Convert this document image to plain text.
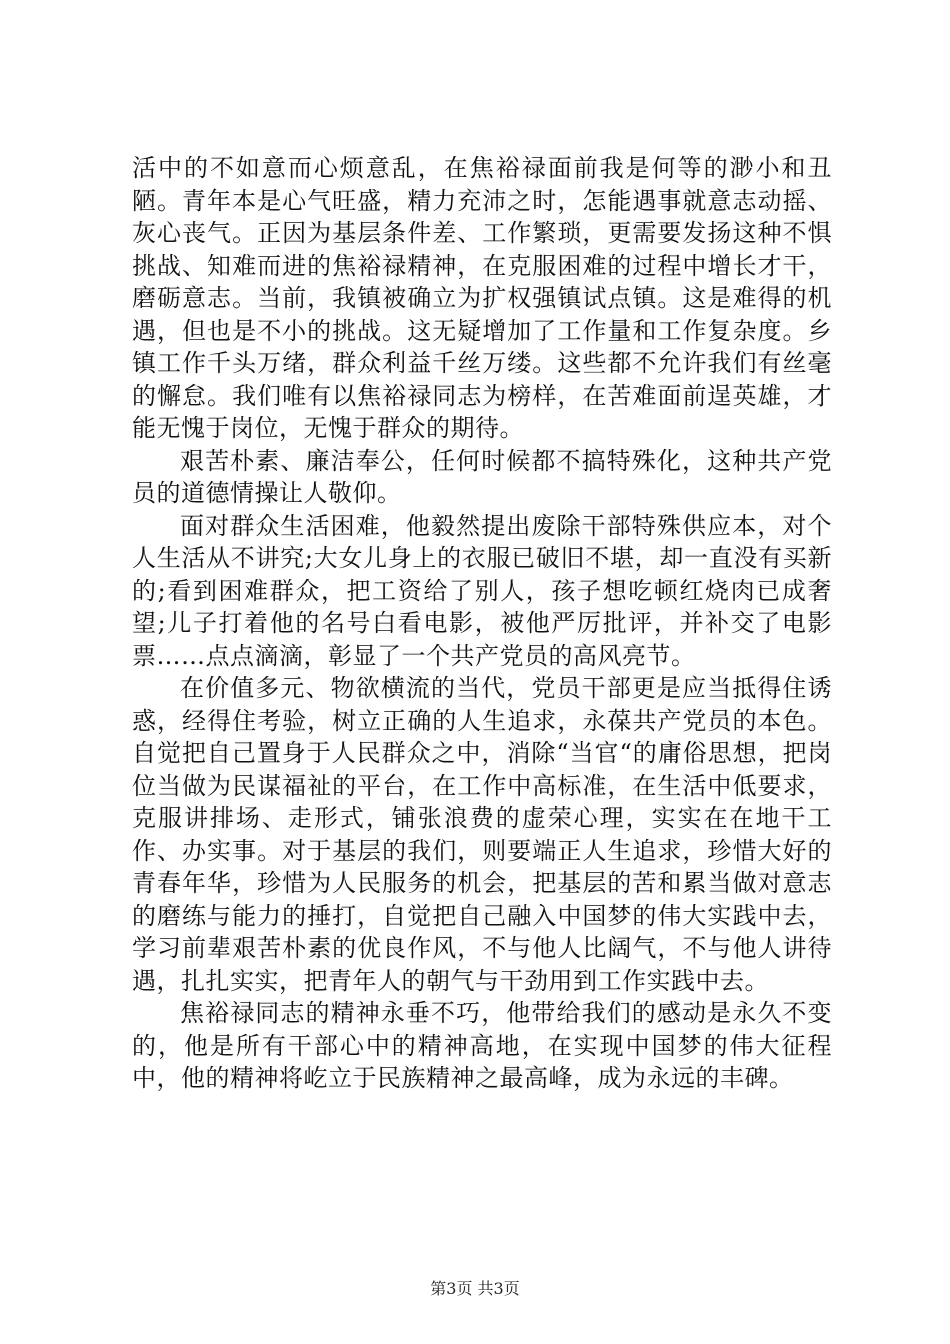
活中的不如意而心烦意乱，在焦裕禄面前我是何等的渺小和丑陋。青年本是心气旺盛，精力充沛之时，怎能遇事就意志动摇、灰心丧气。正因为基层条件差、工作繁琐，更需要发扬这种不惧挑战、知难而进的焦裕禄精神，在克服困难的过程中增长才干，磨砺意志。当前，我镇被确立为扩权强镇试点镇。这是难得的机遇，但也是不小的挑战。这无疑增加了工作量和工作复杂度。乡镇工作千头万绪，群众利益千丝万缕。这些都不允许我们有丝毫的懈怠。我们唯有以焦裕禄同志为榜样，在苦难面前逞英雄，才能无愧于岗位，无愧于群众的期待。

艰苦朴素、廉洁奉公，任何时候都不搞特殊化，这种共产党员的道德情操让人敬仰。

面对群众生活困难，他毅然提出废除干部特殊供应本，对个人生活从不讲究;大女儿身上的衣服已破旧不堪，却一直没有买新的;看到困难群众，把工资给了别人，孩子想吃顿红烧肉已成奢望;儿子打着他的名号白看电影，被他严厉批评，并补交了电影票……点点滴滴，彰显了一个共产党员的高风亮节。

在价值多元、物欲横流的当代，党员干部更是应当抵得住诱惑，经得住考验，树立正确的人生追求，永葆共产党员的本色。自觉把自己置身于人民群众之中，消除“当官“的庸俗思想，把岗位当做为民谋福祉的平台，在工作中高标准，在生活中低要求，克服讲排场、走形式，铺张浪费的虚荣心理，实实在在地干工作、办实事。对于基层的我们，则要端正人生追求，珍惜大好的青春年华，珍惜为人民服务的机会，把基层的苦和累当做对意志的磨练与能力的捶打，自觉把自己融入中国梦的伟大实践中去，学习前辈艰苦朴素的优良作风，不与他人比阔气，不与他人讲待遇，扎扎实实，把青年人的朝气与干劲用到工作实践中去。

焦裕禄同志的精神永垂不巧，他带给我们的感动是永久不变的，他是所有干部心中的精神高地，在实现中国梦的伟大征程中，他的精神将屹立于民族精神之最高峰，成为永远的丰碑。

第3页 共3页
